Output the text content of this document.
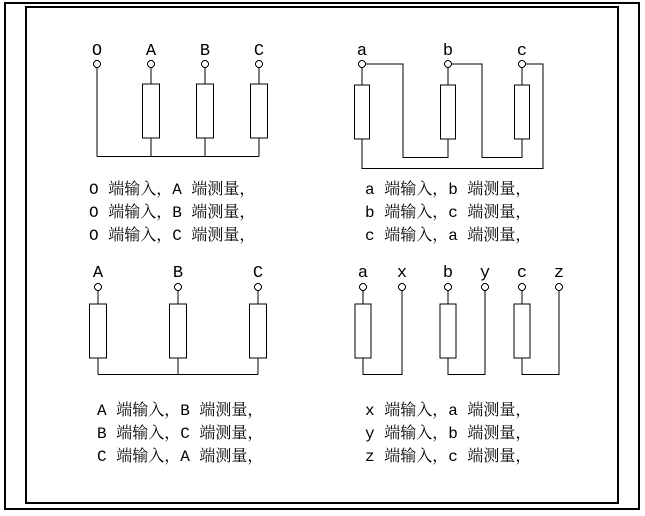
O	A	B	C	a	b	c
A	B	C	a x b y c z
O 端输入，A 端测量，
O 端输入，B 端测量，
O 端输入，C 端测量，
a 端输入，b 端测量，
b 端输入，c 端测量，
c 端输入，a 端测量，
A 端输入，B 端测量，
B 端输入，C 端测量，
C 端输入，A 端测量，
x 端输入，a 端测量，
y 端输入，b 端测量，
z 端输入，c 端测量，
